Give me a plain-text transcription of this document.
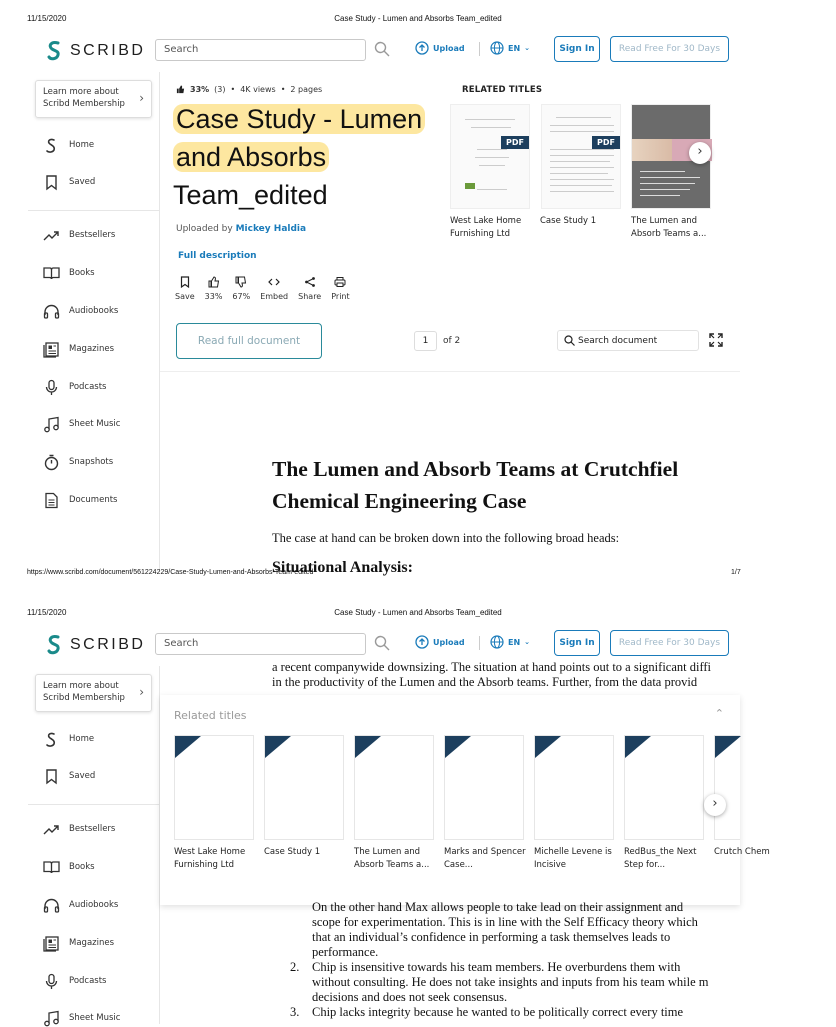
11/15/2020	Case Study - Lumen and Absorbs Team_edited
SCRIBD	Search	Upload	EN ⌄	Sign In	Read Free For 30 Days
Learn more about Scribd Membership ›
Home
Saved
Bestsellers
Books
Audiobooks
Magazines
Podcasts
Sheet Music
Snapshots
Documents
33% (3) • 4K views • 2 pages
Case Study - Lumen
and Absorbs
Team_edited
Uploaded by Mickey Haldia
Full description
Save 33% 67% Embed Share Print
Read full document	1	of 2	Search document
RELATED TITLES
PDF	PDF
›
West Lake Home Furnishing Ltd
Case Study 1	The Lumen and Absorb Teams a...
The Lumen and Absorb Teams at Crutchfiel
Chemical Engineering Case
The case at hand can be broken down into the following broad heads:
Situational Analysis:
https://www.scribd.com/document/561224229/Case-Study-Lumen-and-Absorbs-Team-edited	1/7
11/15/2020	Case Study - Lumen and Absorbs Team_edited
a recent companywide downsizing. The situation at hand points out to a significant diffi
in the productivity of the Lumen and the Absorb teams. Further, from the data provid
SCRIBD	Search	Upload	EN ⌄	Sign In	Read Free For 30 Days
Learn more about Scribd Membership ›
Home
Saved
Bestsellers
Books
Audiobooks
Magazines
Podcasts
Sheet Music
Related titles	⌃
›
West Lake Home Furnishing Ltd
Case Study 1	The Lumen and Absorb Teams a...
Marks and Spencer Case...
Michelle Levene is Incisive
RedBus_the Next Step for...
Crutch Chem
On the other hand Max allows people to take lead on their assignment and
scope for experimentation. This is in line with the Self Efficacy theory which
that an individual’s confidence in performing a task themselves leads to
performance.
2. Chip is insensitive towards his team members. He overburdens them with
without consulting. He does not take insights and inputs from his team while m
decisions and does not seek consensus.
3. Chip lacks integrity because he wanted to be politically correct every time
